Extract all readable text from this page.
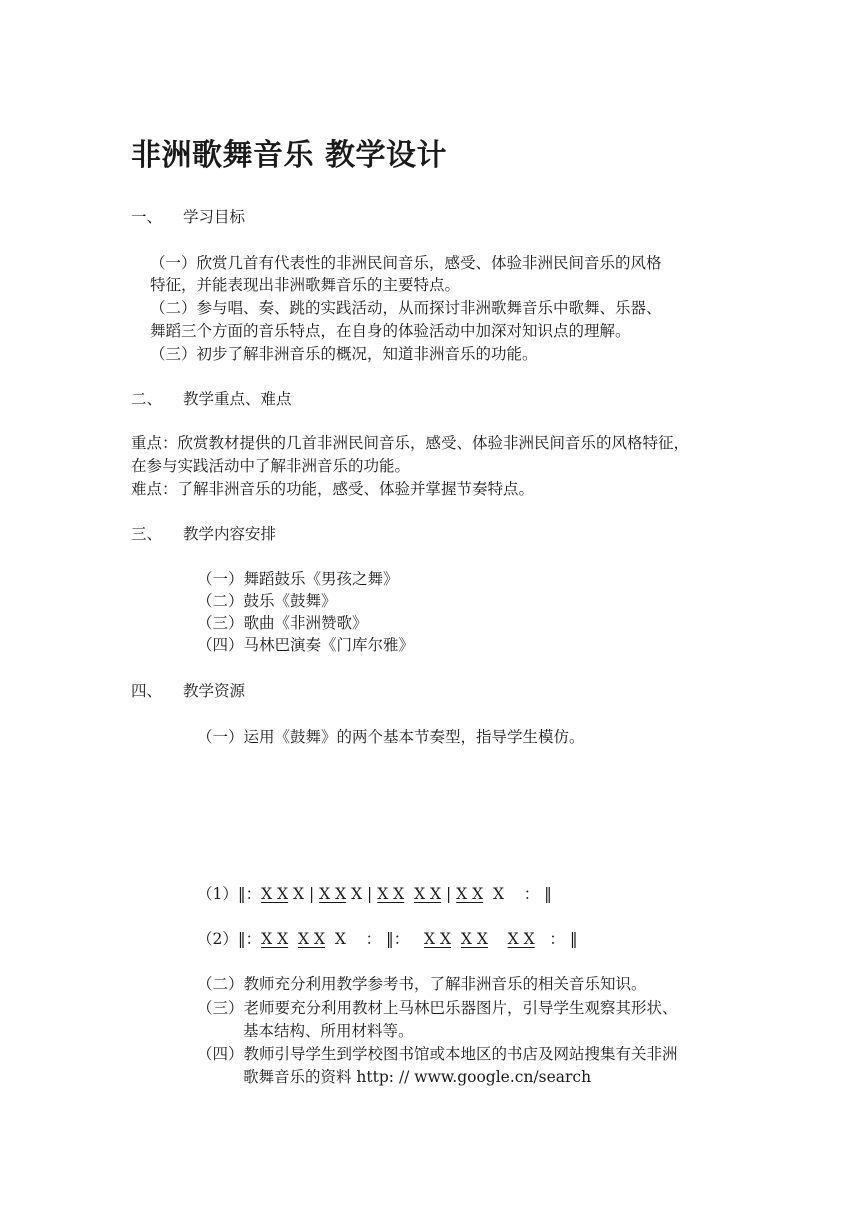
非洲歌舞音乐 教学设计
一、 学习目标
（一）欣赏几首有代表性的非洲民间音乐，感受、体验非洲民间音乐的风格
特征，并能表现出非洲歌舞音乐的主要特点。
（二）参与唱、奏、跳的实践活动，从而探讨非洲歌舞音乐中歌舞、乐器、
舞蹈三个方面的音乐特点，在自身的体验活动中加深对知识点的理解。
（三）初步了解非洲音乐的概况，知道非洲音乐的功能。
二、 教学重点、难点
重点：欣赏教材提供的几首非洲民间音乐，感受、体验非洲民间音乐的风格特征，
在参与实践活动中了解非洲音乐的功能。
难点：了解非洲音乐的功能，感受、体验并掌握节奏特点。
三、 教学内容安排
（一）舞蹈鼓乐《男孩之舞》
（二）鼓乐《鼓舞》
（三）歌曲《非洲赞歌》
（四）马林巴演奏《门库尔雅》
四、 教学资源
（一）运用《鼓舞》的两个基本节奏型，指导学生模仿。
（1）‖：X X X | X X X | X X X X | X X  X    ： ‖
（2）‖：X X X X  X    ： ‖：   X X X X X X   ： ‖
（二）教师充分利用教学参考书，了解非洲音乐的相关音乐知识。
（三）老师要充分利用教材上马林巴乐器图片，引导学生观察其形状、
基本结构、所用材料等。
（四）教师引导学生到学校图书馆或本地区的书店及网站搜集有关非洲
歌舞音乐的资料 http: // www.google.cn/search
